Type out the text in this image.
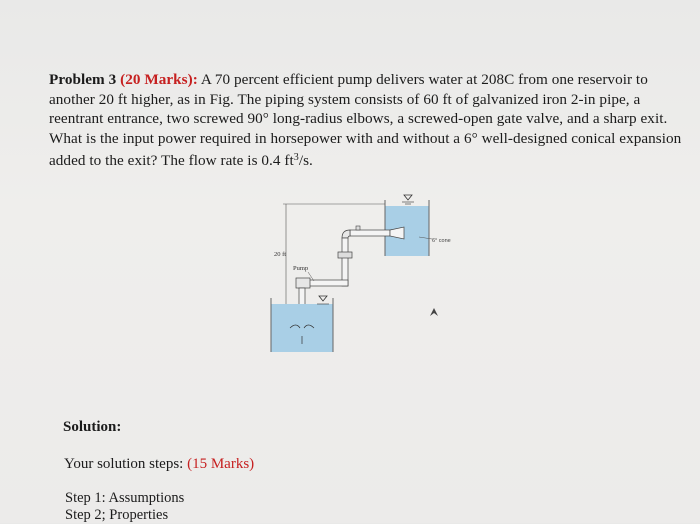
Problem 3 (20 Marks): A 70 percent efficient pump delivers water at 208C from one reservoir to another 20 ft higher, as in Fig. The piping system consists of 60 ft of galvanized iron 2-in pipe, a reentrant entrance, two screwed 90° long-radius elbows, a screwed-open gate valve, and a sharp exit. What is the input power required in horsepower with and without a 6° well-designed conical expansion added to the exit? The flow rate is 0.4 $ft^3/s$.
20 ft
6° cone
Pump
Solution:
Your solution steps: (15 Marks)
Step 1: Assumptions
Step 2; Properties
